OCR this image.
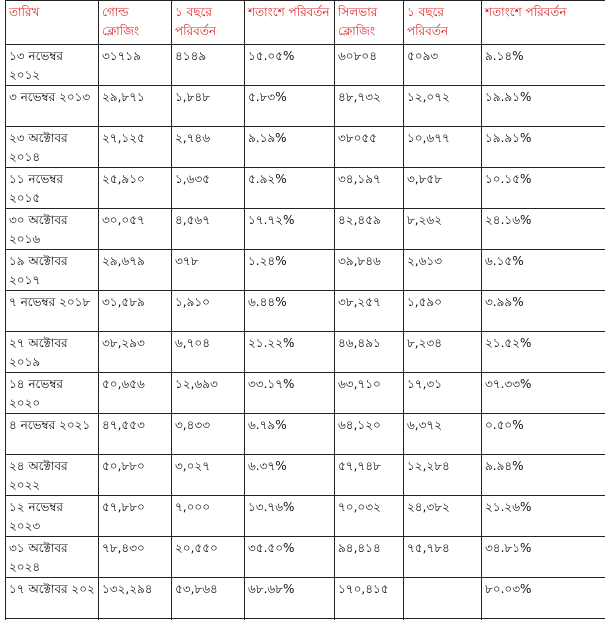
তারিখ	গোল্ড ক্লোজিং	১ বছরে পরিবর্তন	শতাংশে পরিবর্তন	সিলভার ক্লোজিং	১ বছরে পরিবর্তন	শতাংশে পরিবর্তন
১৩ নভেম্বর ২০১২	৩১৭১৯	৪১৪৯	১৫.০৫%	৬০৮০৪	৫০৯৩	৯.১৪%
৩ নভেম্বর ২০১৩	২৯,৮৭১	১,৮৪৮	৫.৮৩%	৪৮,৭৩২	১২,০৭২	১৯.৯১%
২৩ অক্টোবর ২০১৪	২৭,১২৫	২,৭৪৬	৯.১৯%	৩৮০৫৫	১০,৬৭৭	১৯.৯১%
১১ নভেম্বর ২০১৫	২৫,৯১০	১,৬৩৫	৫.৯২%	৩৪,১৯৭	৩,৮৫৮	১০.১৫%
৩০ অক্টোবর ২০১৬	৩০,০৫৭	৪,৫৬৭	১৭.৭২%	৪২,৪৫৯	৮,২৬২	২৪.১৬%
১৯ অক্টোবর ২০১৭	২৯,৬৭৯	৩৭৮	১.২৪%	৩৯,৮৪৬	২,৬১৩	৬.১৫%
৭ নভেম্বর ২০১৮	৩১,৫৮৯	১,৯১০	৬.৪৪%	৩৮,২৫৭	১,৫৯০	৩.৯৯%
২৭ অক্টোবর ২০১৯	৩৮,২৯৩	৬,৭০৪	২১.২২%	৪৬,৪৯১	৮,২৩৪	২১.৫২%
১৪ নভেম্বর ২০২০	৫০,৬৫৬	১২,৬৯৩	৩৩.১৭%	৬৩,৭১০	১৭,৩১	৩৭.৩৩%
৪ নভেম্বর ২০২১	৪৭,৫৫৩	৩,৪৩৩	৬.৭৯%	৬৪,১২০	৬,৩৭২	০.৫০%
২৪ অক্টোবর ২০২২	৫০,৮৮০	৩,০২৭	৬.৩৭%	৫৭,৭৪৮	১২,২৮৪	৯.৯৪%
১২ নভেম্বর ২০২৩	৫৭,৮৮০	৭,০০০	১৩.৭৬%	৭০,০৩২	২৪,৩৮২	২১.২৬%
৩১ অক্টোবর ২০২৪	৭৮,৪৩০	২০,৫৫০	৩৫.৫০%	৯৪,৪১৪	৭৫,৭৮৪	৩৪.৮১%
১৭ অক্টোবর ২০২	১৩২,২৯৪	৫৩,৮৬৪	৬৮.৬৮%	১৭০,৪১৫		৮০.০৩%
